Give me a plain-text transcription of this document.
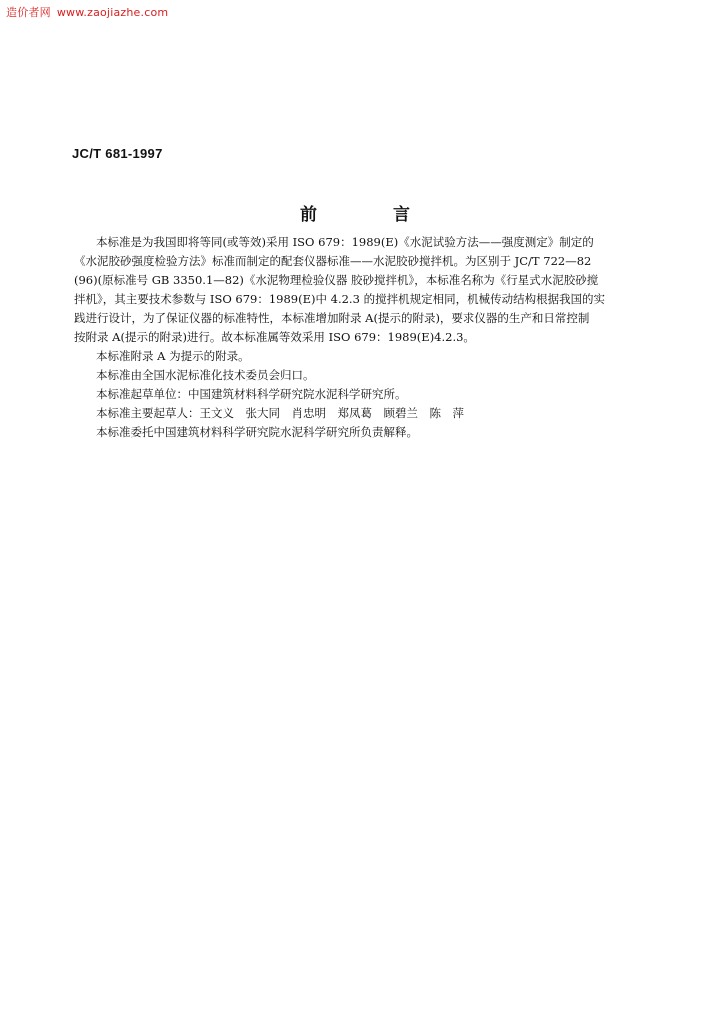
造价者网 www.zaojiazhe.com
JC/T 681-1997
前	言
本标准是为我国即将等同(或等效)采用 ISO 679：1989(E)《水泥试验方法——强度测定》制定的
《水泥胶砂强度检验方法》标准而制定的配套仪器标准——水泥胶砂搅拌机。为区别于 JC/T 722—82
(96)(原标准号 GB 3350.1—82)《水泥物理检验仪器 胶砂搅拌机》，本标准名称为《行星式水泥胶砂搅
拌机》，其主要技术参数与 ISO 679：1989(E)中 4.2.3 的搅拌机规定相同，机械传动结构根据我国的实
践进行设计，为了保证仪器的标准特性，本标准增加附录 A(提示的附录)，要求仪器的生产和日常控制
按附录 A(提示的附录)进行。故本标准属等效采用 ISO 679：1989(E)4.2.3。

本标准附录 A 为提示的附录。

本标准由全国水泥标准化技术委员会归口。

本标准起草单位：中国建筑材料科学研究院水泥科学研究所。

本标准主要起草人：王文义　张大同　肖忠明　郑凤葛　顾碧兰　陈　萍

本标准委托中国建筑材料科学研究院水泥科学研究所负责解释。
